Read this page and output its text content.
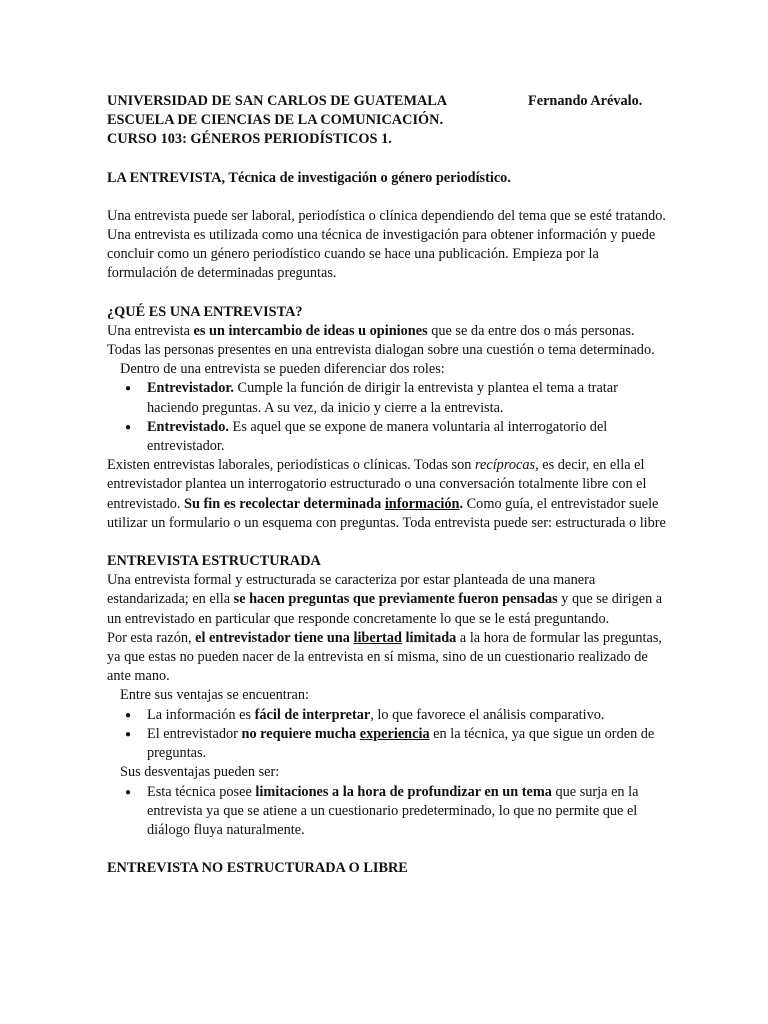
UNIVERSIDAD DE SAN CARLOS DE GUATEMALA	Fernando Arévalo.

ESCUELA DE CIENCIAS DE LA COMUNICACIÓN.

CURSO 103: GÉNEROS PERIODÍSTICOS 1.

LA ENTREVISTA, Técnica de investigación o género periodístico.

Una entrevista puede ser laboral, periodística o clínica dependiendo del tema que se esté tratando. Una entrevista es utilizada como una técnica de investigación para obtener información y puede concluir como un género periodístico cuando se hace una publicación. Empieza por la formulación de determinadas preguntas.

¿QUÉ ES UNA ENTREVISTA?

Una entrevista es un intercambio de ideas u opiniones que se da entre dos o más personas. Todas las personas presentes en una entrevista dialogan sobre una cuestión o tema determinado.

Dentro de una entrevista se pueden diferenciar dos roles:

● Entrevistador. Cumple la función de dirigir la entrevista y plantea el tema a tratar haciendo preguntas. A su vez, da inicio y cierre a la entrevista.
● Entrevistado. Es aquel que se expone de manera voluntaria al interrogatorio del entrevistador.

Existen entrevistas laborales, periodísticas o clínicas. Todas son recíprocas, es decir, en ella el entrevistador plantea un interrogatorio estructurado o una conversación totalmente libre con el entrevistado. Su fin es recolectar determinada información. Como guía, el entrevistador suele utilizar un formulario o un esquema con preguntas. Toda entrevista puede ser: estructurada o libre

ENTREVISTA ESTRUCTURADA

Una entrevista formal y estructurada se caracteriza por estar planteada de una manera estandarizada; en ella se hacen preguntas que previamente fueron pensadas y que se dirigen a un entrevistado en particular que responde concretamente lo que se le está preguntando.

Por esta razón, el entrevistador tiene una libertad limitada a la hora de formular las preguntas, ya que estas no pueden nacer de la entrevista en sí misma, sino de un cuestionario realizado de ante mano.

Entre sus ventajas se encuentran:

● La información es fácil de interpretar, lo que favorece el análisis comparativo.
● El entrevistador no requiere mucha experiencia en la técnica, ya que sigue un orden de preguntas.

Sus desventajas pueden ser:

● Esta técnica posee limitaciones a la hora de profundizar en un tema que surja en la entrevista ya que se atiene a un cuestionario predeterminado, lo que no permite que el diálogo fluya naturalmente.

ENTREVISTA NO ESTRUCTURADA O LIBRE
